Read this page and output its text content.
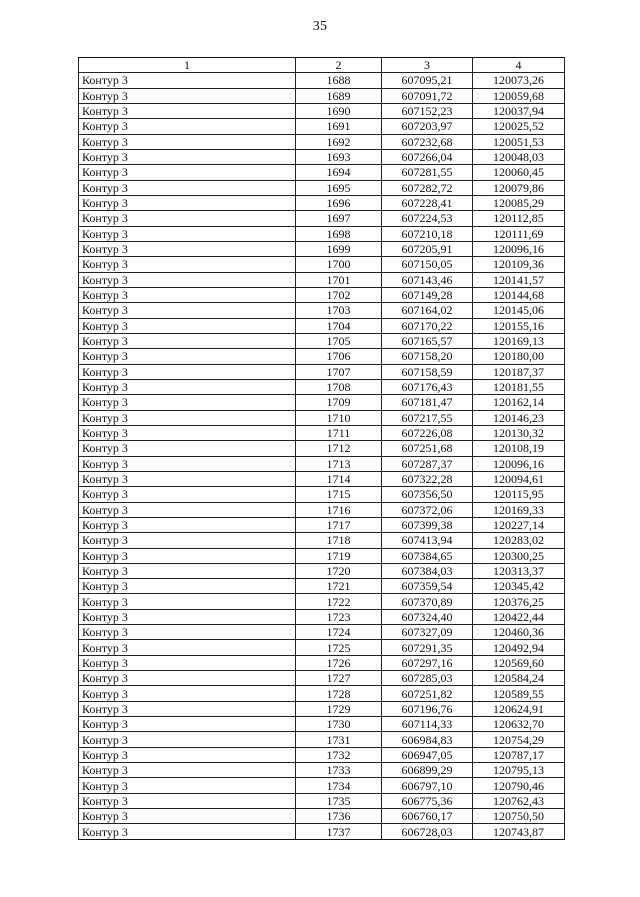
35
1	2	3	4
Контур 3	1688	607095,21	120073,26
Контур 3	1689	607091,72	120059,68
Контур 3	1690	607152,23	120037,94
Контур 3	1691	607203,97	120025,52
Контур 3	1692	607232,68	120051,53
Контур 3	1693	607266,04	120048,03
Контур 3	1694	607281,55	120060,45
Контур 3	1695	607282,72	120079,86
Контур 3	1696	607228,41	120085,29
Контур 3	1697	607224,53	120112,85
Контур 3	1698	607210,18	120111,69
Контур 3	1699	607205,91	120096,16
Контур 3	1700	607150,05	120109,36
Контур 3	1701	607143,46	120141,57
Контур 3	1702	607149,28	120144,68
Контур 3	1703	607164,02	120145,06
Контур 3	1704	607170,22	120155,16
Контур 3	1705	607165,57	120169,13
Контур 3	1706	607158,20	120180,00
Контур 3	1707	607158,59	120187,37
Контур 3	1708	607176,43	120181,55
Контур 3	1709	607181,47	120162,14
Контур 3	1710	607217,55	120146,23
Контур 3	1711	607226,08	120130,32
Контур 3	1712	607251,68	120108,19
Контур 3	1713	607287,37	120096,16
Контур 3	1714	607322,28	120094,61
Контур 3	1715	607356,50	120115,95
Контур 3	1716	607372,06	120169,33
Контур 3	1717	607399,38	120227,14
Контур 3	1718	607413,94	120283,02
Контур 3	1719	607384,65	120300,25
Контур 3	1720	607384,03	120313,37
Контур 3	1721	607359,54	120345,42
Контур 3	1722	607370,89	120376,25
Контур 3	1723	607324,40	120422,44
Контур 3	1724	607327,09	120460,36
Контур 3	1725	607291,35	120492,94
Контур 3	1726	607297,16	120569,60
Контур 3	1727	607285,03	120584,24
Контур 3	1728	607251,82	120589,55
Контур 3	1729	607196,76	120624,91
Контур 3	1730	607114,33	120632,70
Контур 3	1731	606984,83	120754,29
Контур 3	1732	606947,05	120787,17
Контур 3	1733	606899,29	120795,13
Контур 3	1734	606797,10	120790,46
Контур 3	1735	606775,36	120762,43
Контур 3	1736	606760,17	120750,50
Контур 3	1737	606728,03	120743,87
